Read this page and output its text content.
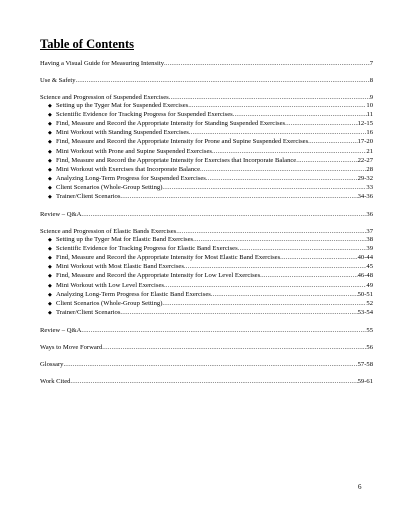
Table of Contents
Having a Visual Guide for Measuring Intensity .....	7
Use & Safety .....	8
Science and Progression of Suspended Exercises .....	9
◆ Setting up the Tyger Mat for Suspended Exercises .....	10
◆ Scientific Evidence for Tracking Progress for Suspended Exercises .....	11
◆ Find, Measure and Record the Appropriate Intensity for Standing Suspended Exercises .....	12-15
◆ Mini Workout with Standing Suspended Exercises .....	16
◆ Find, Measure and Record the Appropriate Intensity for Prone and Supine Suspended Exercises .....	17-20
◆ Mini Workout with Prone and Supine Suspended Exercises .....	21
◆ Find, Measure and Record the Appropriate Intensity for Exercises that Incorporate Balance .....	22-27
◆ Mini Workout with Exercises that Incorporate Balance .....	28
◆ Analyzing Long-Term Progress for Suspended Exercises .....	29-32
◆ Client Scenarios (Whole-Group Setting) .....	33
◆ Trainer/Client Scenarios .....	34-36
Review – Q&A .....	36
Science and Progression of Elastic Bands Exercises .....	37
◆ Setting up the Tyger Mat for Elastic Band Exercises .....	38
◆ Scientific Evidence for Tracking Progress for Elastic Band Exercises .....	39
◆ Find, Measure and Record the Appropriate Intensity for Most Elastic Band Exercises .....	40-44
◆ Mini Workout with Most Elastic Band Exercises .....	45
◆ Find, Measure and Record the Appropriate Intensity for Low Level Exercises .....	46-48
◆ Mini Workout with Low Level Exercises .....	49
◆ Analyzing Long-Term Progress for Elastic Band Exercises .....	50-51
◆ Client Scenarios (Whole-Group Setting) .....	52
◆ Trainer/Client Scenarios .....	53-54
Review – Q&A .....	55
Ways to Move Forward .....	56
Glossary .....	57-58
Work Cited .....	59-61
6
